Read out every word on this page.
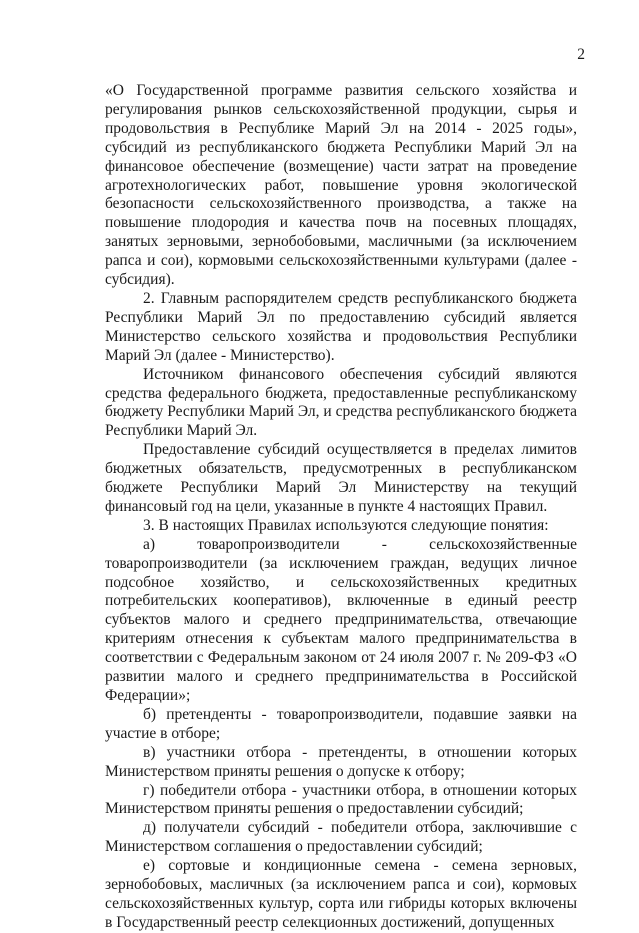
2

«О Государственной программе развития сельского хозяйства и регулирования рынков сельскохозяйственной продукции, сырья и продовольствия в Республике Марий Эл на 2014 - 2025 годы», субсидий из республиканского бюджета Республики Марий Эл на финансовое обеспечение (возмещение) части затрат на проведение агротехнологических работ, повышение уровня экологической безопасности сельскохозяйственного производства, а также на повышение плодородия и качества почв на посевных площадях, занятых зерновыми, зернобобовыми, масличными (за исключением рапса и сои), кормовыми сельскохозяйственными культурами (далее - субсидия).

2. Главным распорядителем средств республиканского бюджета Республики Марий Эл по предоставлению субсидий является Министерство сельского хозяйства и продовольствия Республики Марий Эл (далее - Министерство).

Источником финансового обеспечения субсидий являются средства федерального бюджета, предоставленные республиканскому бюджету Республики Марий Эл, и средства республиканского бюджета Республики Марий Эл.

Предоставление субсидий осуществляется в пределах лимитов бюджетных обязательств, предусмотренных в республиканском бюджете Республики Марий Эл Министерству на текущий финансовый год на цели, указанные в пункте 4 настоящих Правил.

3. В настоящих Правилах используются следующие понятия:

а) товаропроизводители - сельскохозяйственные товаропроизводители (за исключением граждан, ведущих личное подсобное хозяйство, и сельскохозяйственных кредитных потребительских кооперативов), включенные в единый реестр субъектов малого и среднего предпринимательства, отвечающие критериям отнесения к субъектам малого предпринимательства в соответствии с Федеральным законом от 24 июля 2007 г. № 209-ФЗ «О развитии малого и среднего предпринимательства в Российской Федерации»;

б) претенденты - товаропроизводители, подавшие заявки на участие в отборе;

в) участники отбора - претенденты, в отношении которых Министерством приняты решения о допуске к отбору;

г) победители отбора - участники отбора, в отношении которых Министерством приняты решения о предоставлении субсидий;

д) получатели субсидий - победители отбора, заключившие с Министерством соглашения о предоставлении субсидий;

е) сортовые и кондиционные семена - семена зерновых, зернобобовых, масличных (за исключением рапса и сои), кормовых сельскохозяйственных культур, сорта или гибриды которых включены в Государственный реестр селекционных достижений, допущенных
